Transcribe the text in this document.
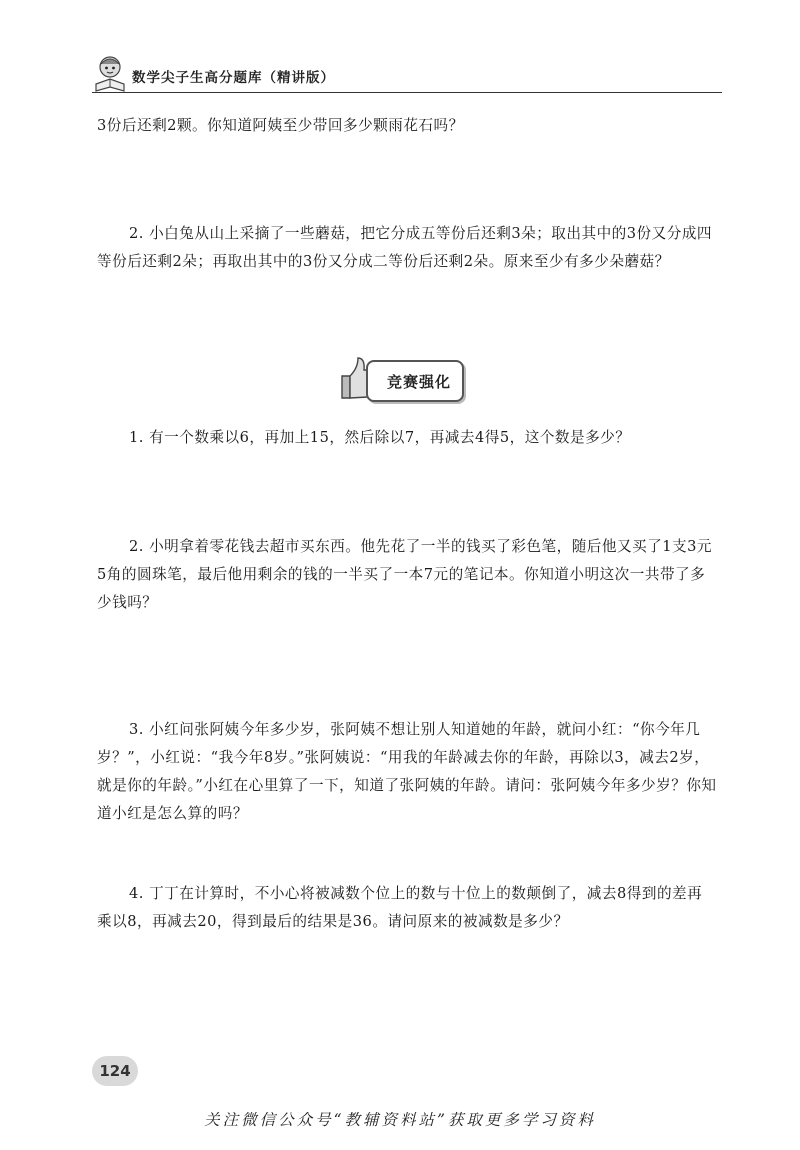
数学尖子生高分题库（精讲版）

3份后还剩2颗。你知道阿姨至少带回多少颗雨花石吗？

2. 小白兔从山上采摘了一些蘑菇，把它分成五等份后还剩3朵；取出其中的3份又分成四等份后还剩2朵；再取出其中的3份又分成二等份后还剩2朵。原来至少有多少朵蘑菇？

竞赛强化

1. 有一个数乘以6，再加上15，然后除以7，再减去4得5，这个数是多少？

2. 小明拿着零花钱去超市买东西。他先花了一半的钱买了彩色笔，随后他又买了1支3元5角的圆珠笔，最后他用剩余的钱的一半买了一本7元的笔记本。你知道小明这次一共带了多少钱吗？

3. 小红问张阿姨今年多少岁，张阿姨不想让别人知道她的年龄，就问小红：“你今年几岁？”，小红说：“我今年8岁。”张阿姨说：“用我的年龄减去你的年龄，再除以3，减去2岁，就是你的年龄。”小红在心里算了一下，知道了张阿姨的年龄。请问：张阿姨今年多少岁？你知道小红是怎么算的吗？

4. 丁丁在计算时，不小心将被减数个位上的数与十位上的数颠倒了，减去8得到的差再乘以8，再减去20，得到最后的结果是36。请问原来的被减数是多少？

124
关注微信公众号“教辅资料站”获取更多学习资料
